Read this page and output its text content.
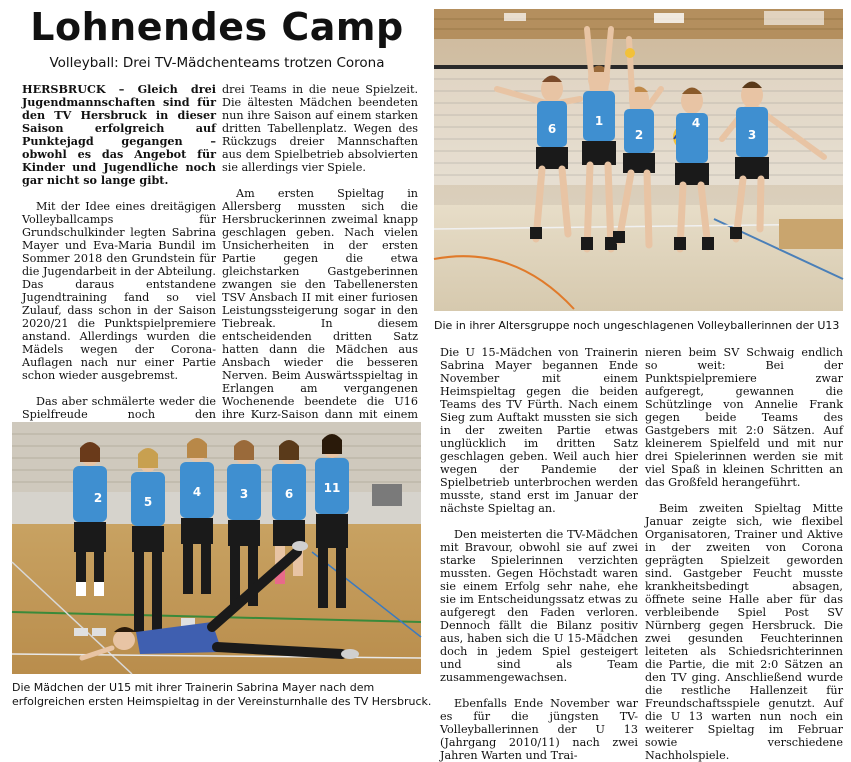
Lohnendes Camp
Volleyball: Drei TV-Mädchenteams trotzen Corona

HERSBRUCK – Gleich drei Jugendmannschaften sind für den TV Hersbruck in dieser Saison erfolgreich auf Punktejagd gegangen – obwohl es das Angebot für Kinder und Jugendliche noch gar nicht so lange gibt.

Mit der Idee eines dreitägigen Volleyballcamps für Grundschulkinder legten Sabrina Mayer und Eva-Maria Bundil im Sommer 2018 den Grundstein für die Jugendarbeit in der Abteilung. Das daraus entstandene Jugendtraining fand so viel Zulauf, dass schon in der Saison 2020/21 die Punktspielpremiere anstand. Allerdings wurden die Mädels wegen der Corona-Auflagen nach nur einer Partie schon wieder ausgebremst.

Das aber schmälerte weder die Spielfreude noch den

drei Teams in die neue Spielzeit. Die ältesten Mädchen beendeten nun ihre Saison auf einem starken dritten Tabellenplatz. Wegen des Rückzugs dreier Mannschaften aus dem Spielbetrieb absolvierten sie allerdings vier Spiele.

Am ersten Spieltag in Allersberg mussten sich die Hersbruckerinnen zweimal knapp geschlagen geben. Nach vielen Unsicherheiten in der ersten Partie gegen die etwa gleichstarken Gastgeberinnen zwangen sie den Tabellenersten TSV Ansbach II mit einer furiosen Leistungssteigerung sogar in den Tiebreak. In diesem entscheidenden dritten Satz hatten dann die Mädchen aus Ansbach wieder die besseren Nerven. Beim Auswärtsspieltag in Erlangen am vergangenen Wochenende beendete die U16 ihre Kurz-Saison dann mit einem

6
1
2
4
3
Die in ihrer Altersgruppe noch ungeschlagenen Volleyballerinnen der U13

Die U 15-Mädchen von Trainerin Sabrina Mayer begannen Ende November mit einem Heimspieltag gegen die beiden Teams des TV Fürth. Nach einem Sieg zum Auftakt mussten sie sich in der zweiten Partie etwas unglücklich im dritten Satz geschlagen geben. Weil auch hier wegen der Pandemie der Spielbetrieb unterbrochen werden musste, stand erst im Januar der nächste Spieltag an.

Den meisterten die TV-Mädchen mit Bravour, obwohl sie auf zwei starke Spielerinnen verzichten mussten. Gegen Höchstadt waren sie einem Erfolg sehr nahe, ehe sie im Entscheidungssatz etwas zu aufgeregt den Faden verloren. Dennoch fällt die Bilanz positiv aus, haben sich die U 15-Mädchen doch in jedem Spiel gesteigert und sind als Team zusammengewachsen.

Ebenfalls Ende November war es für die jüngsten TV-Volleyballerinnen der U 13 (Jahrgang 2010/11) nach zwei Jahren Warten und Trai-

nieren beim SV Schwaig endlich so weit: Bei der Punktspielpremiere zwar aufgeregt, gewannen die Schützlinge von Annelie Frank gegen beide Teams des Gastgebers mit 2:0 Sätzen. Auf kleinerem Spielfeld und mit nur drei Spielerinnen werden sie mit viel Spaß in kleinen Schritten an das Großfeld herangeführt.

Beim zweiten Spieltag Mitte Januar zeigte sich, wie flexibel Organisatoren, Trainer und Aktive in der zweiten von Corona geprägten Spielzeit geworden sind. Gastgeber Feucht musste krankheitsbedingt absagen, öffnete seine Halle aber für das verbleibende Spiel Post SV Nürnberg gegen Hersbruck. Die zwei gesunden Feuchterinnen leiteten als Schiedsrichterinnen die Partie, die mit 2:0 Sätzen an den TV ging. Anschließend wurde die restliche Hallenzeit für Freundschaftsspiele genutzt. Auf die U 13 warten nun noch ein weiterer Spieltag im Februar sowie verschiedene Nachholspiele.

2	5
4	3	6	11
Die Mädchen der U15 mit ihrer Trainerin Sabrina Mayer nach dem erfolgreichen ersten Heimspieltag in der Vereinsturnhalle des TV Hersbruck.
